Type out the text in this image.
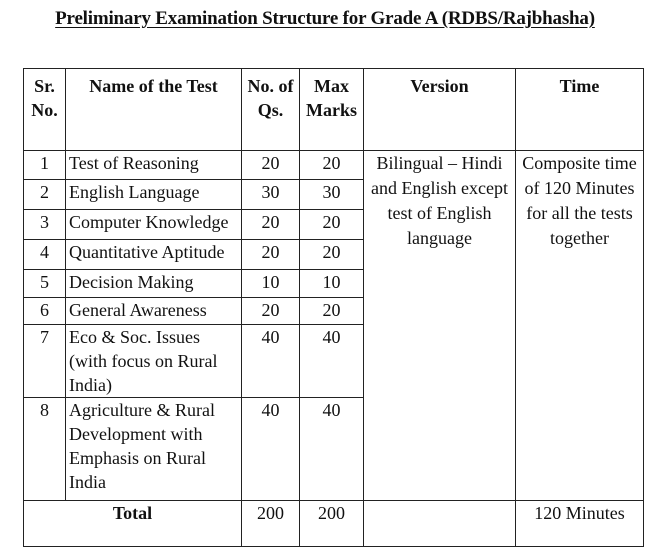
Preliminary Examination Structure for Grade A (RDBS/Rajbhasha)
Sr. No.	Name of the Test	No. of Qs.	Max Marks	Version	Time
1	Test of Reasoning	20	20	Bilingual – Hindi and English except test of English language	Composite time of 120 Minutes for all the tests together
2	English Language	30	30		
3	Computer Knowledge	20	20		
4	Quantitative Aptitude	20	20		
5	Decision Making	10	10		
6	General Awareness	20	20		
7	Eco & Soc. Issues (with focus on Rural India)	40	40		
8	Agriculture & Rural Development with Emphasis on Rural India	40	40		
Total		200	200		120 Minutes
